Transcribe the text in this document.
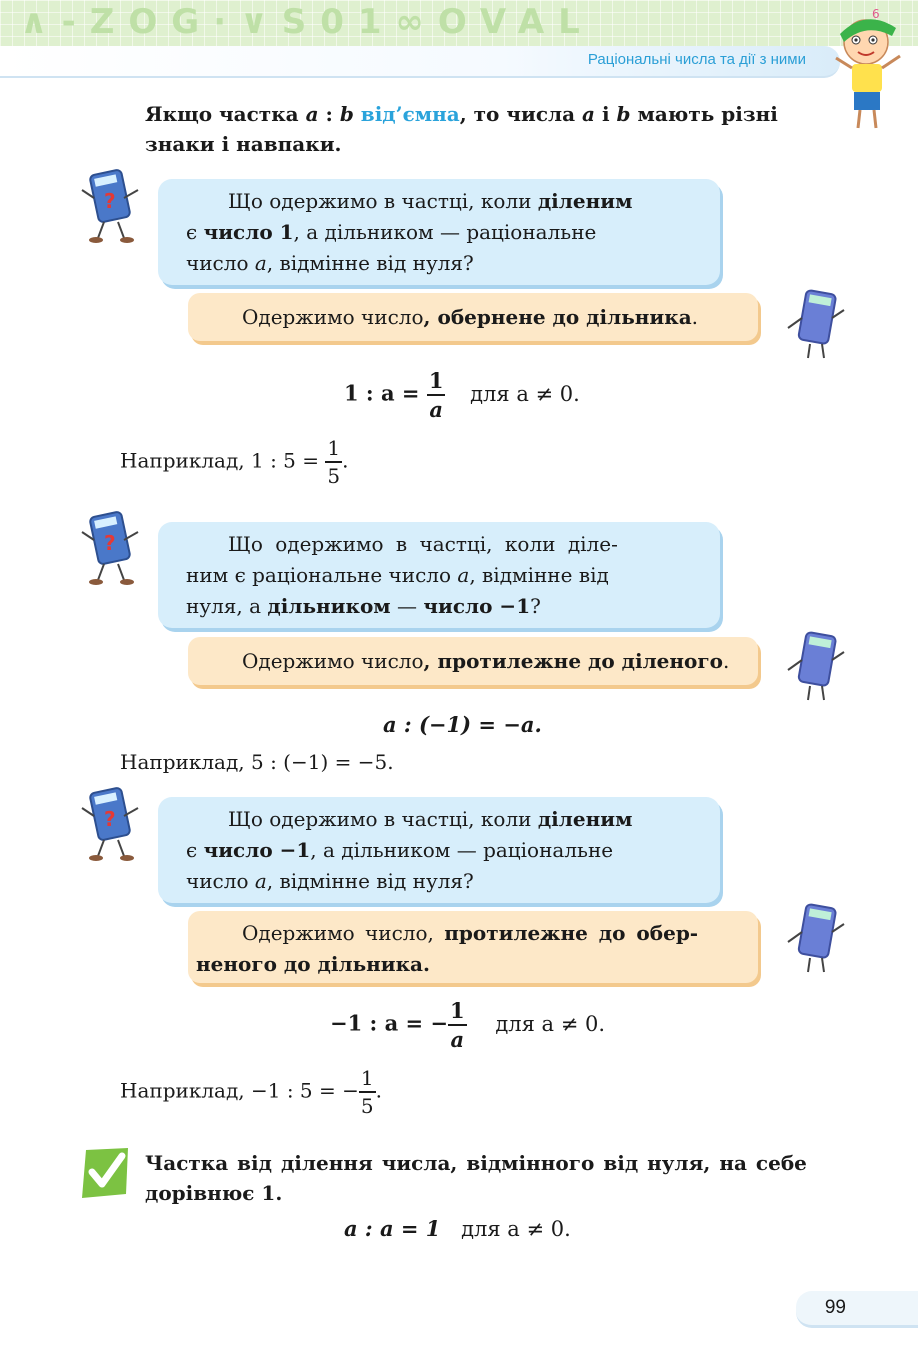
∧-ZOG·∨S01∞OVAL
Раціональні числа та дії з ними
6
Якщо частка a : b від’ємна, то числа a і b мають різні
знаки і навпаки.
?	Що одержимо в частці, коли діленим
є число 1, а дільником — раціональне
число a, відмінне від нуля?
Одержимо число, обернене до дільника.
1 : $a = \frac{1}{a}$ для a ≠ 0.
Наприклад, 1 : $5 = \frac{1}{5}$ .
?	Що одержимо в частці, коли діле-
ним є раціональне число a, відмінне від
нуля, а дільником — число −1?
Одержимо число, протилежне до діленого.
a : (−1) = −a.
Наприклад, 5 : (−1) = −5.
?	Що одержимо в частці, коли діленим
є число −1, а дільником — раціональне
число a, відмінне від нуля?
Одержимо число, протилежне до обер-
неного до дільника.
−1 : a = − $\frac{1}{a}$ для a ≠ 0.
Наприклад, −1 : 5 = − $\frac{1}{5}$ .
Частка від ділення числа, відмінного від нуля, на себе
дорівнює 1.
a : a = 1 для a ≠ 0.
99
